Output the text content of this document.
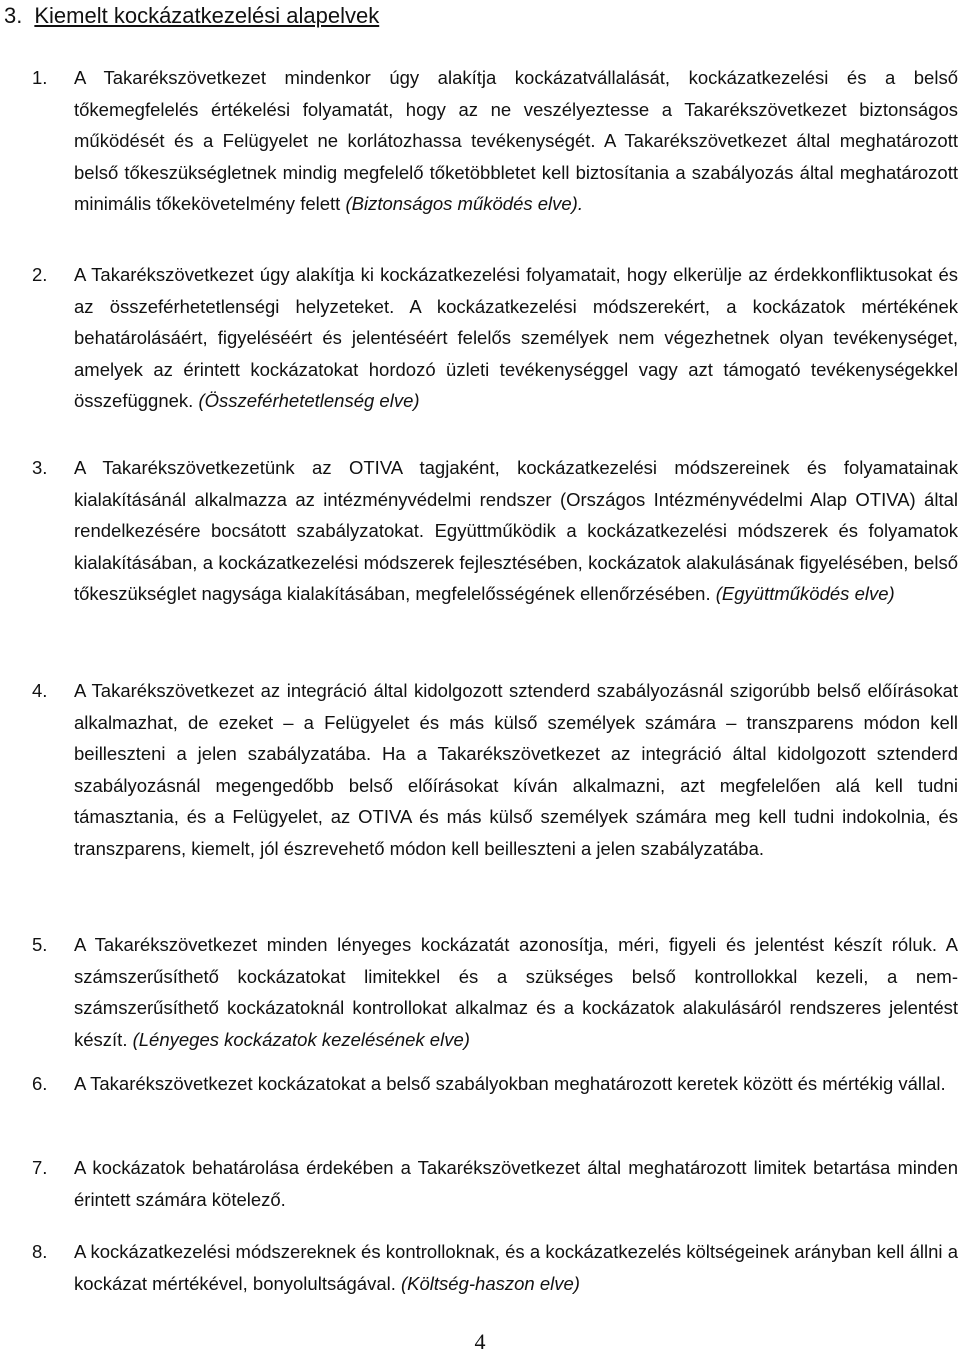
3. Kiemelt kockázatkezelési alapelvek
1. A Takarékszövetkezet mindenkor úgy alakítja kockázatvállalását, kockázatkezelési és a belső tőkemegfelelés értékelési folyamatát, hogy az ne veszélyeztesse a Takarékszövetkezet biztonságos működését és a Felügyelet ne korlátozhassa tevékenységét. A Takarékszövetkezet által meghatározott belső tőkeszükségletnek mindig megfelelő tőketöbbletet kell biztosítania a szabályozás által meghatározott minimális tőkekövetelmény felett (Biztonságos működés elve).

2. A Takarékszövetkezet úgy alakítja ki kockázatkezelési folyamatait, hogy elkerülje az érdekkonfliktusokat és az összeférhetetlenségi helyzeteket. A kockázatkezelési módszerekért, a kockázatok mértékének behatárolásáért, figyeléséért és jelentéséért felelős személyek nem végezhetnek olyan tevékenységet, amelyek az érintett kockázatokat hordozó üzleti tevékenységgel vagy azt támogató tevékenységekkel összefüggnek. (Összeférhetetlenség elve)

3. A Takarékszövetkezetünk az OTIVA tagjaként, kockázatkezelési módszereinek és folyamatainak kialakításánál alkalmazza az intézményvédelmi rendszer (Országos Intézményvédelmi Alap OTIVA) által rendelkezésére bocsátott szabályzatokat. Együttműködik a kockázatkezelési módszerek és folyamatok kialakításában, a kockázatkezelési módszerek fejlesztésében, kockázatok alakulásának figyelésében, belső tőkeszükséglet nagysága kialakításában, megfelelősségének ellenőrzésében. (Együttműködés elve)

4. A Takarékszövetkezet az integráció által kidolgozott sztenderd szabályozásnál szigorúbb belső előírásokat alkalmazhat, de ezeket – a Felügyelet és más külső személyek számára – transzparens módon kell beilleszteni a jelen szabályzatába. Ha a Takarékszövetkezet az integráció által kidolgozott sztenderd szabályozásnál megengedőbb belső előírásokat kíván alkalmazni, azt megfelelően alá kell tudni támasztania, és a Felügyelet, az OTIVA és más külső személyek számára meg kell tudni indokolnia, és transzparens, kiemelt, jól észrevehető módon kell beilleszteni a jelen szabályzatába.

5. A Takarékszövetkezet minden lényeges kockázatát azonosítja, méri, figyeli és jelentést készít róluk. A számszerűsíthető kockázatokat limitekkel és a szükséges belső kontrollokkal kezeli, a nem-számszerűsíthető kockázatoknál kontrollokat alkalmaz és a kockázatok alakulásáról rendszeres jelentést készít. (Lényeges kockázatok kezelésének elve)

6. A Takarékszövetkezet kockázatokat a belső szabályokban meghatározott keretek között és mértékig vállal.

7. A kockázatok behatárolása érdekében a Takarékszövetkezet által meghatározott limitek betartása minden érintett számára kötelező.

8. A kockázatkezelési módszereknek és kontrolloknak, és a kockázatkezelés költségeinek arányban kell állni a kockázat mértékével, bonyolultságával. (Költség-haszon elve)

4
